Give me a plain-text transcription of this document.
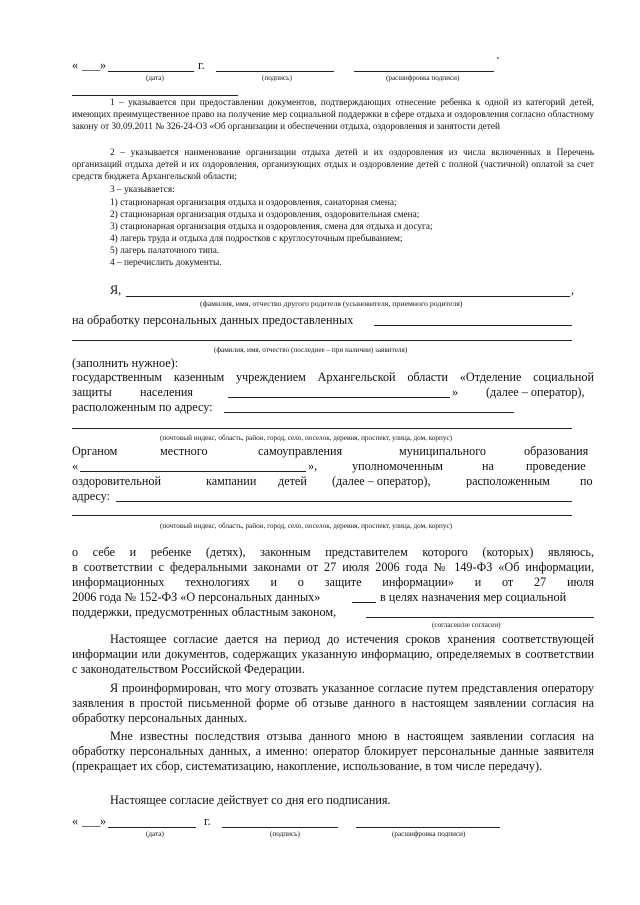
« ___ »	г.
(дата)	(подпись)	(расшифровка подписи)
1 – указывается при предоставлении документов, подтверждающих отнесение ребенка к одной из категорий детей, имеющих преимущественное право на получение мер социальной поддержки в сфере отдыха и оздоровления согласно областному закону от 30.09.2011 № 326-24-ОЗ «Об организации и обеспечении отдыха, оздоровления и занятости детей
2 – указывается наименование организации отдыха детей и их оздоровления из числа включенных в Перечень организаций отдыха детей и их оздоровления, организующих отдых и оздоровление детей с полной (частичной) оплатой за счет средств бюджета Архангельской области;
3 – указывается:
1) стационарная организация отдыха и оздоровления, санаторная смена;
2) стационарная организация отдыха и оздоровления, оздоровительная смена;
3) стационарная организация отдыха и оздоровления, смена для отдыха и досуга;
4) лагерь труда и отдыха для подростков с круглосуточным пребыванием;
5) лагерь палаточного типа.
4 – перечислить документы.
Я,	,
(фамилия, имя, отчество другого родителя (усыновителя, приемного родителя)
на обработку персональных данных предоставленных
(фамилия, имя, отчество (последнее – при наличии) заявителя)
(заполнить нужное):
государственным казенным учреждением Архангельской области «Отделение социальной
защиты населения	» (далее – оператор),
расположенным по адресу:
(почтовый индекс, область, район, город, село, поселок, деревня, проспект, улица, дом, корпус)
Органом	местного	самоуправления	муниципального	образования
«	»,	уполномоченным	на	проведение
оздоровительной	кампании детей (далее – оператор),	расположенным по
адресу:
(почтовый индекс, область, район, город, село, поселок, деревня, проспект, улица, дом, корпус)
о себе и ребенке (детях), законным представителем которого (которых) являюсь,
в соответствии с федеральными законами от 27 июля 2006 года № 149-ФЗ «Об информации,
информационных технологиях и о защите информации» и от 27 июля
2006 года № 152-ФЗ «О персональных данных»	в целях назначения мер социальной
поддержки, предусмотренных областным законом,
(согласен/не согласен)
Настоящее согласие дается на период до истечения сроков хранения соответствующей информации или документов, содержащих указанную информацию, определяемых в соответствии с законодательством Российской Федерации.
Я проинформирован, что могу отозвать указанное согласие путем представления оператору заявления в простой письменной форме об отзыве данного в настоящем заявлении согласия на обработку персональных данных.
Мне известны последствия отзыва данного мною в настоящем заявлении согласия на обработку персональных данных, а именно: оператор блокирует персональные данные заявителя (прекращает их сбор, систематизацию, накопление, использование, в том числе передачу).
Настоящее согласие действует со дня его подписания.
« ___ »	г.
(дата)	(подпись)	(расшифровка подписи)
